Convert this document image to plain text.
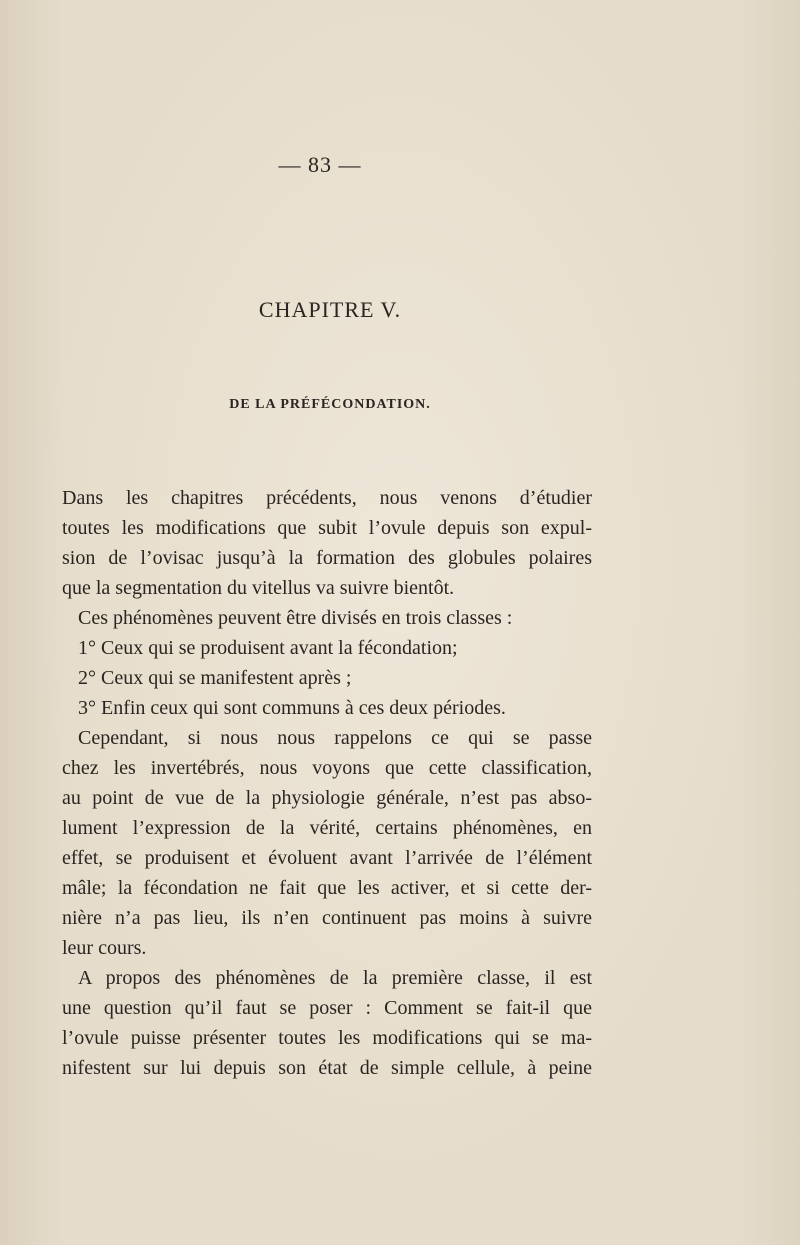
— 83 —
CHAPITRE V.
DE LA PRÉFÉCONDATION.
Dans les chapitres précédents, nous venons d’étudier
toutes les modifications que subit l’ovule depuis son expul-
sion de l’ovisac jusqu’à la formation des globules polaires
que la segmentation du vitellus va suivre bientôt.
Ces phénomènes peuvent être divisés en trois classes :
1° Ceux qui se produisent avant la fécondation;
2° Ceux qui se manifestent après ;
3° Enfin ceux qui sont communs à ces deux périodes.
Cependant, si nous nous rappelons ce qui se passe
chez les invertébrés, nous voyons que cette classification,
au point de vue de la physiologie générale, n’est pas abso-
lument l’expression de la vérité, certains phénomènes, en
effet, se produisent et évoluent avant l’arrivée de l’élément
mâle; la fécondation ne fait que les activer, et si cette der-
nière n’a pas lieu, ils n’en continuent pas moins à suivre
leur cours.
A propos des phénomènes de la première classe, il est
une question qu’il faut se poser : Comment se fait-il que
l’ovule puisse présenter toutes les modifications qui se ma-
nifestent sur lui depuis son état de simple cellule, à peine
